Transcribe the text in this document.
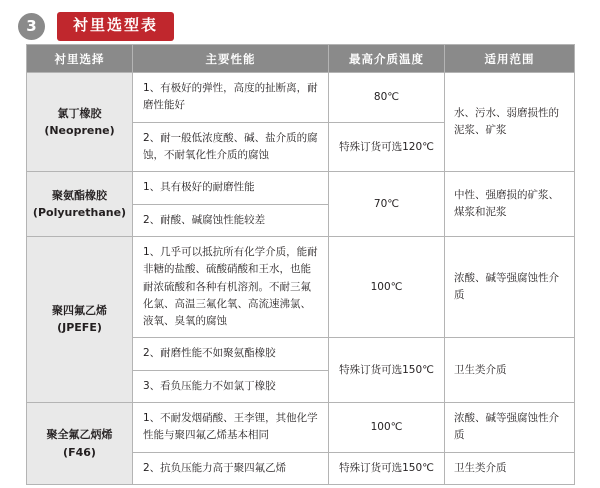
3	衬里选型表
衬里选择	主要性能	最高介质温度	适用范围
氯丁橡胶
(Neoprene)	1、有极好的弹性，高度的扯断离，耐磨性能好	80℃	水、污水、弱磨损性的泥浆、矿浆
	2、耐一般低浓度酸、碱、盐介质的腐蚀，不耐氧化性介质的腐蚀	特殊订货可选120℃	
聚氨酯橡胶
(Polyurethane)	1、具有极好的耐磨性能	70℃	中性、强磨损的矿浆、煤浆和泥浆
	2、耐酸、碱腐蚀性能较差		
聚四氟乙烯
(JPEFE)	1、几乎可以抵抗所有化学介质，能耐非糖的盐酸、硫酸硝酸和王水，也能耐浓硫酸和各种有机溶剂。不耐三氟化氯、高温三氟化氧、高流速沸氯、液氧、臭氧的腐蚀	100℃	浓酸、碱等强腐蚀性介质
	2、耐磨性能不如聚氨酯橡胶	特殊订货可选150℃	卫生类介质
	3、看负压能力不如氯丁橡胶		
聚全氟乙炳烯
(F46)	1、不耐发烟硝酸、王李锂，其他化学性能与聚四氟乙烯基本相同	100℃	浓酸、碱等强腐蚀性介质
	2、抗负压能力高于聚四氟乙烯	特殊订货可选150℃	卫生类介质
